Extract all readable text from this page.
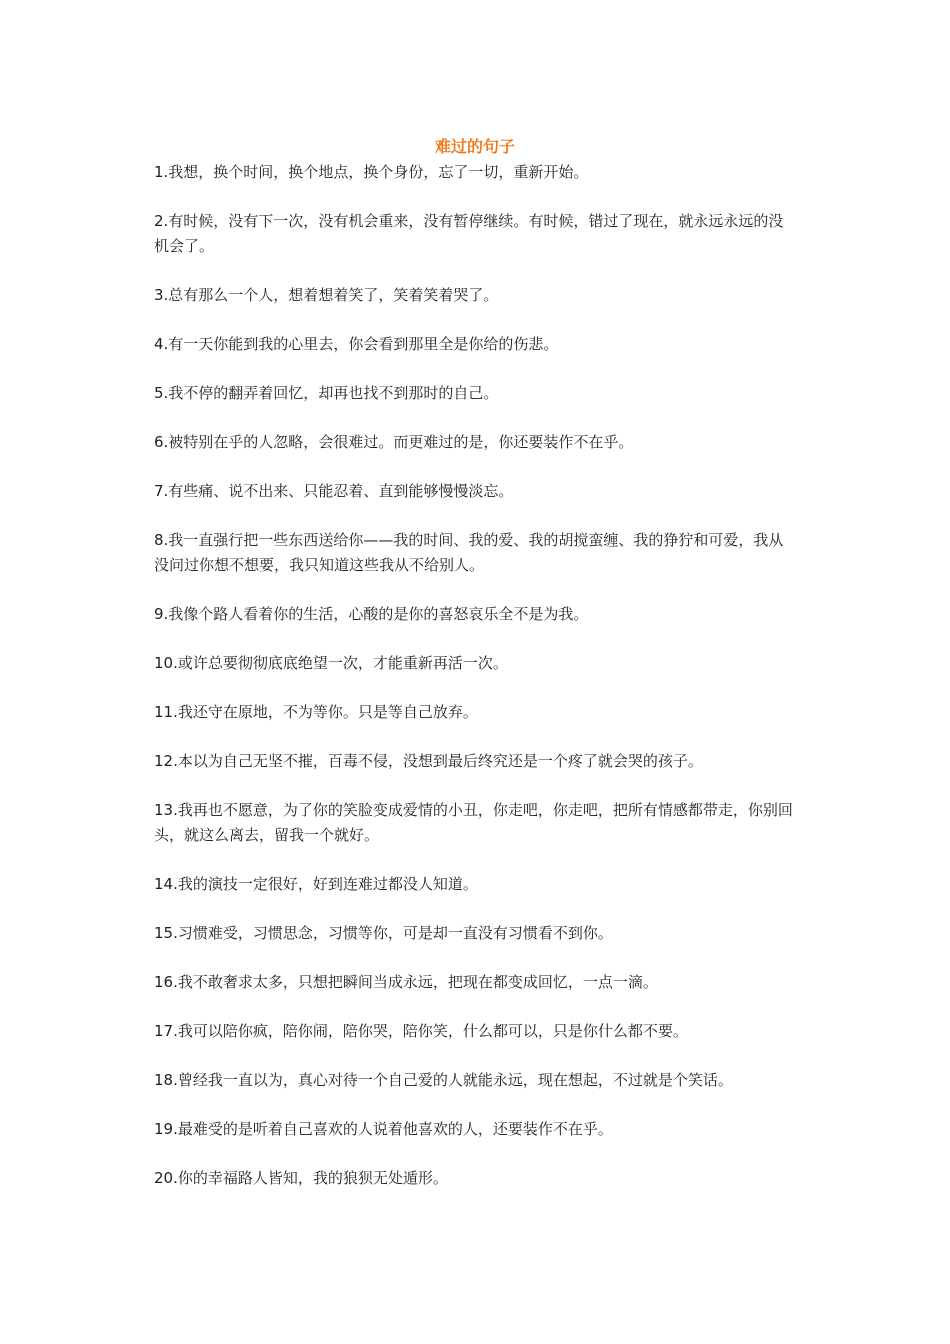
难过的句子
1.我想，换个时间，换个地点，换个身份，忘了一切，重新开始。
2.有时候，没有下一次，没有机会重来，没有暂停继续。有时候，错过了现在，就永远永远的没机会了。
3.总有那么一个人，想着想着笑了，笑着笑着哭了。
4.有一天你能到我的心里去，你会看到那里全是你给的伤悲。
5.我不停的翻弄着回忆，却再也找不到那时的自己。
6.被特别在乎的人忽略，会很难过。而更难过的是，你还要装作不在乎。
7.有些痛、说不出来、只能忍着、直到能够慢慢淡忘。
8.我一直强行把一些东西送给你——我的时间、我的爱、我的胡搅蛮缠、我的狰狞和可爱，我从没问过你想不想要，我只知道这些我从不给别人。
9.我像个路人看着你的生活，心酸的是你的喜怒哀乐全不是为我。
10.或许总要彻彻底底绝望一次，才能重新再活一次。
11.我还守在原地，不为等你。只是等自己放弃。
12.本以为自己无坚不摧，百毒不侵，没想到最后终究还是一个疼了就会哭的孩子。
13.我再也不愿意，为了你的笑脸变成爱情的小丑，你走吧，你走吧，把所有情感都带走，你别回头，就这么离去，留我一个就好。
14.我的演技一定很好，好到连难过都没人知道。
15.习惯难受，习惯思念，习惯等你，可是却一直没有习惯看不到你。
16.我不敢奢求太多，只想把瞬间当成永远，把现在都变成回忆，一点一滴。
17.我可以陪你疯，陪你闹，陪你哭，陪你笑，什么都可以，只是你什么都不要。
18.曾经我一直以为，真心对待一个自己爱的人就能永远，现在想起，不过就是个笑话。
19.最难受的是听着自己喜欢的人说着他喜欢的人，还要装作不在乎。
20.你的幸福路人皆知，我的狼狈无处遁形。
